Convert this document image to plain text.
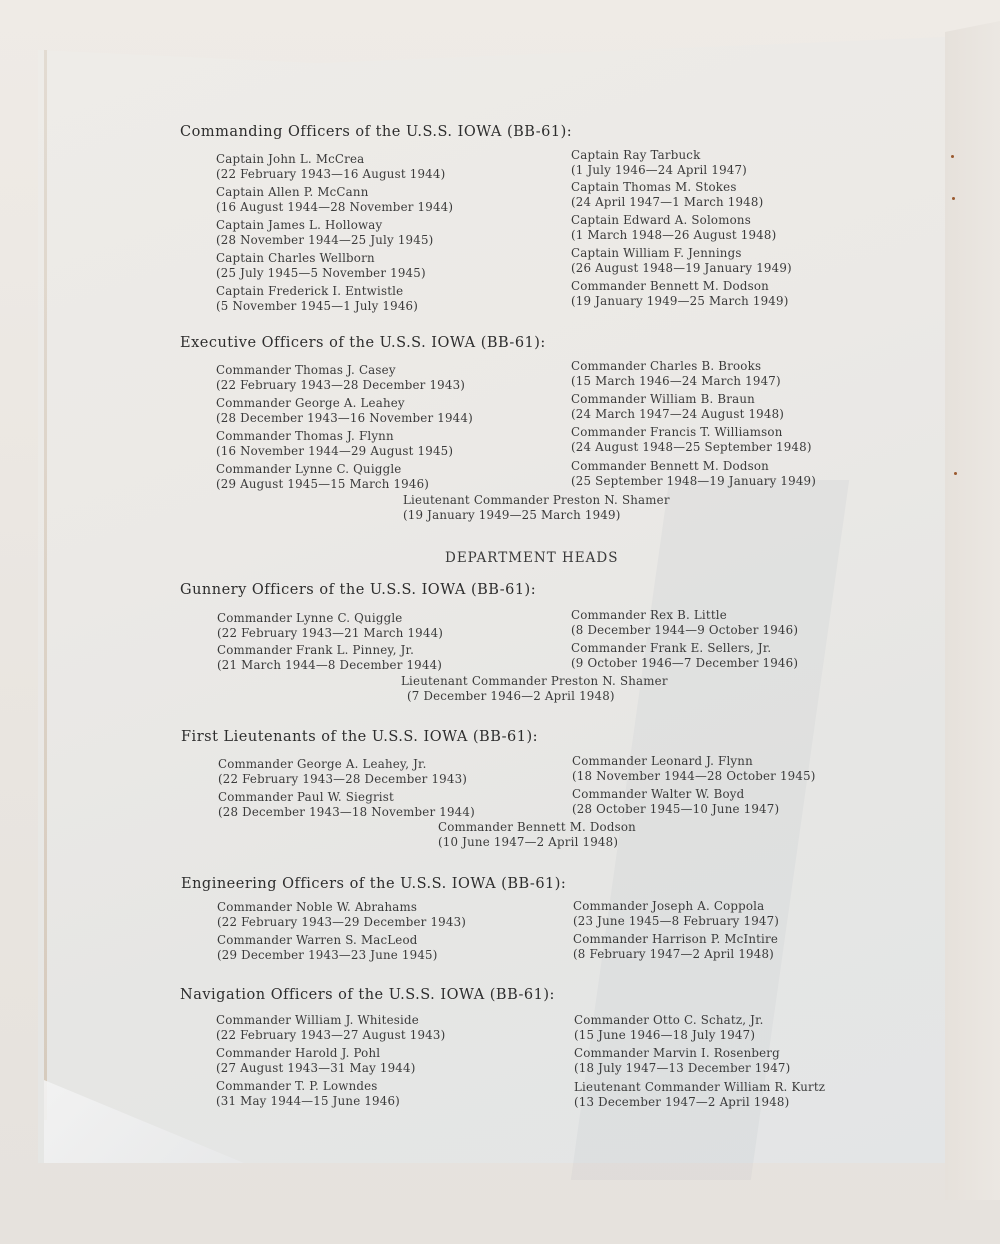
Commanding Officers of the U.S.S. IOWA (BB-61):
Captain John L. McCrea
(22 February 1943—16 August 1944)
Captain Allen P. McCann
(16 August 1944—28 November 1944)
Captain James L. Holloway
(28 November 1944—25 July 1945)
Captain Charles Wellborn
(25 July 1945—5 November 1945)
Captain Frederick I. Entwistle
(5 November 1945—1 July 1946)
Captain Ray Tarbuck
(1 July 1946—24 April 1947)
Captain Thomas M. Stokes
(24 April 1947—1 March 1948)
Captain Edward A. Solomons
(1 March 1948—26 August 1948)
Captain William F. Jennings
(26 August 1948—19 January 1949)
Commander Bennett M. Dodson
(19 January 1949—25 March 1949)
Executive Officers of the U.S.S. IOWA (BB-61):
Commander Thomas J. Casey
(22 February 1943—28 December 1943)
Commander George A. Leahey
(28 December 1943—16 November 1944)
Commander Thomas J. Flynn
(16 November 1944—29 August 1945)
Commander Lynne C. Quiggle
(29 August 1945—15 March 1946)
Commander Charles B. Brooks
(15 March 1946—24 March 1947)
Commander William B. Braun
(24 March 1947—24 August 1948)
Commander Francis T. Williamson
(24 August 1948—25 September 1948)
Commander Bennett M. Dodson
(25 September 1948—19 January 1949)
Lieutenant Commander Preston N. Shamer
(19 January 1949—25 March 1949)
DEPARTMENT HEADS
Gunnery Officers of the U.S.S. IOWA (BB-61):
Commander Lynne C. Quiggle
(22 February 1943—21 March 1944)
Commander Frank L. Pinney, Jr.
(21 March 1944—8 December 1944)
Commander Rex B. Little
(8 December 1944—9 October 1946)
Commander Frank E. Sellers, Jr.
(9 October 1946—7 December 1946)
Lieutenant Commander Preston N. Shamer
(7 December 1946—2 April 1948)
First Lieutenants of the U.S.S. IOWA (BB-61):
Commander George A. Leahey, Jr.
(22 February 1943—28 December 1943)
Commander Paul W. Siegrist
(28 December 1943—18 November 1944)
Commander Leonard J. Flynn
(18 November 1944—28 October 1945)
Commander Walter W. Boyd
(28 October 1945—10 June 1947)
Commander Bennett M. Dodson
(10 June 1947—2 April 1948)
Engineering Officers of the U.S.S. IOWA (BB-61):
Commander Noble W. Abrahams
(22 February 1943—29 December 1943)
Commander Warren S. MacLeod
(29 December 1943—23 June 1945)
Commander Joseph A. Coppola
(23 June 1945—8 February 1947)
Commander Harrison P. McIntire
(8 February 1947—2 April 1948)
Navigation Officers of the U.S.S. IOWA (BB-61):
Commander William J. Whiteside
(22 February 1943—27 August 1943)
Commander Harold J. Pohl
(27 August 1943—31 May 1944)
Commander T. P. Lowndes
(31 May 1944—15 June 1946)
Commander Otto C. Schatz, Jr.
(15 June 1946—18 July 1947)
Commander Marvin I. Rosenberg
(18 July 1947—13 December 1947)
Lieutenant Commander William R. Kurtz
(13 December 1947—2 April 1948)
